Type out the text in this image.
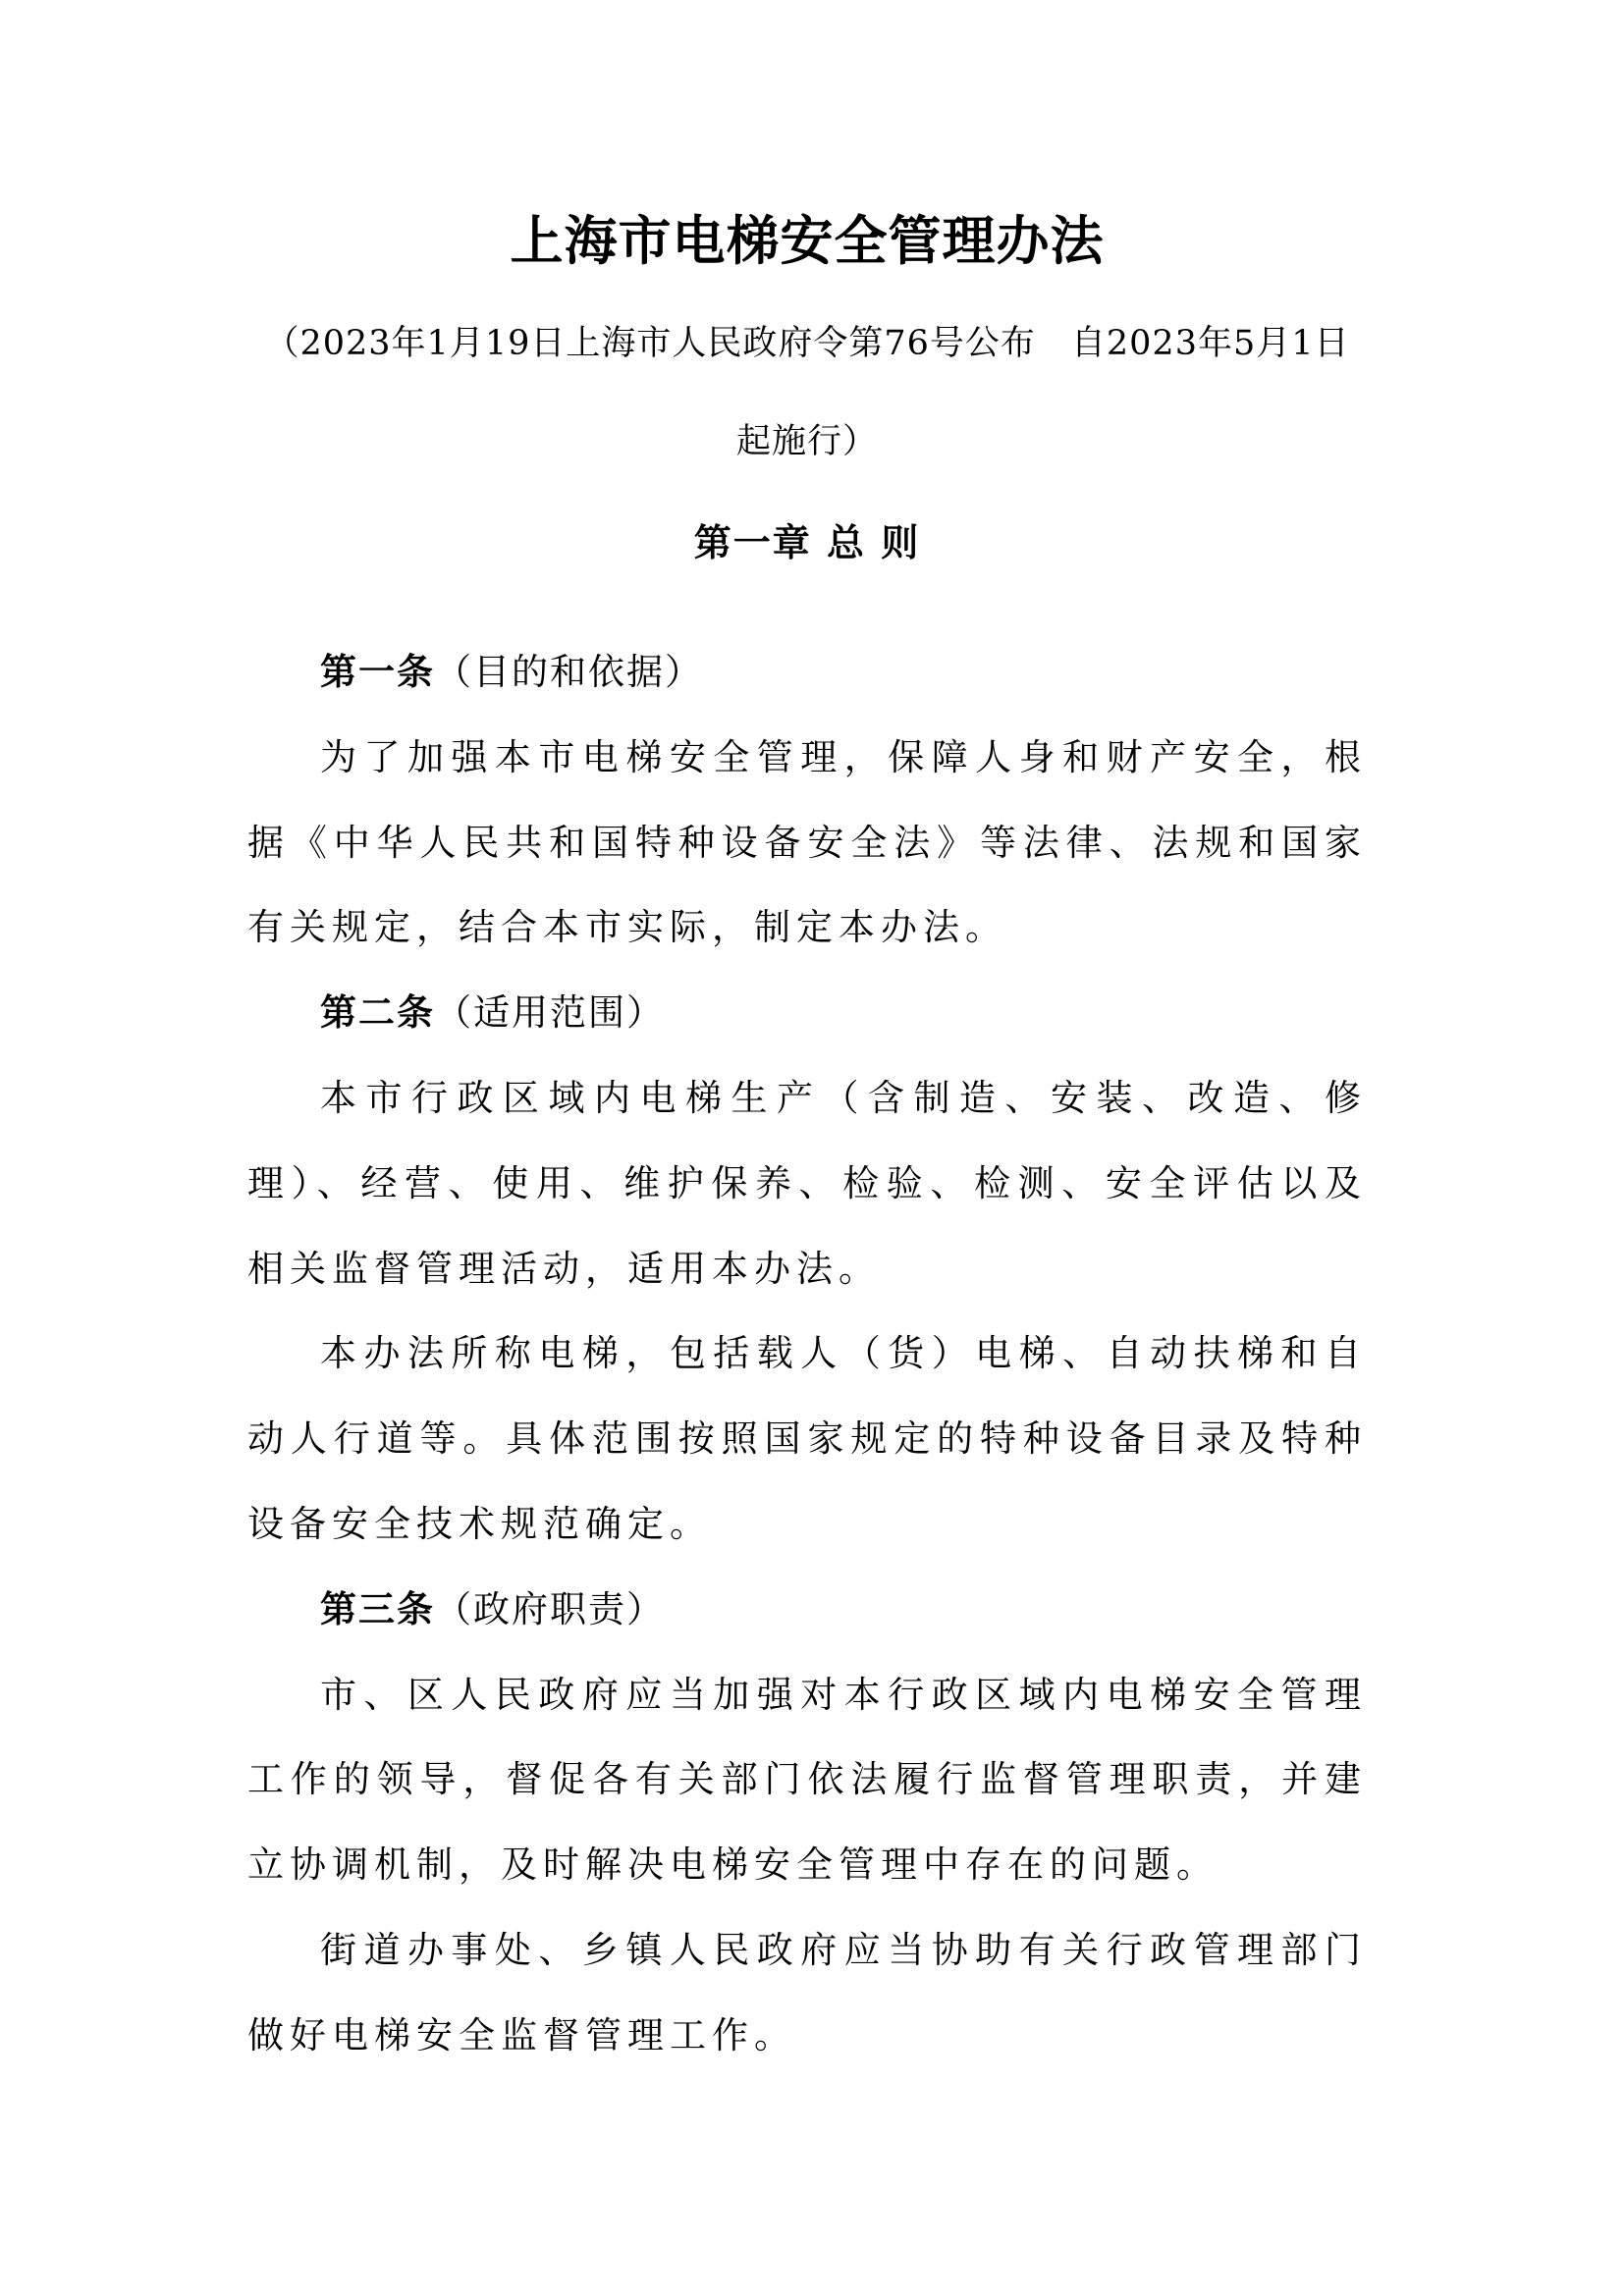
上海市电梯安全管理办法
（2023年1月19日上海市人民政府令第76号公布　自2023年5月1日起施行）
第一章 总 则

第一条（目的和依据）

为了加强本市电梯安全管理，保障人身和财产安全，根据《中华人民共和国特种设备安全法》等法律、法规和国家有关规定，结合本市实际，制定本办法。

第二条（适用范围）

本市行政区域内电梯生产（含制造、安装、改造、修理）、经营、使用、维护保养、检验、检测、安全评估以及相关监督管理活动，适用本办法。

本办法所称电梯，包括载人（货）电梯、自动扶梯和自动人行道等。具体范围按照国家规定的特种设备目录及特种设备安全技术规范确定。

第三条（政府职责）

市、区人民政府应当加强对本行政区域内电梯安全管理工作的领导，督促各有关部门依法履行监督管理职责，并建立协调机制，及时解决电梯安全管理中存在的问题。

街道办事处、乡镇人民政府应当协助有关行政管理部门做好电梯安全监督管理工作。
